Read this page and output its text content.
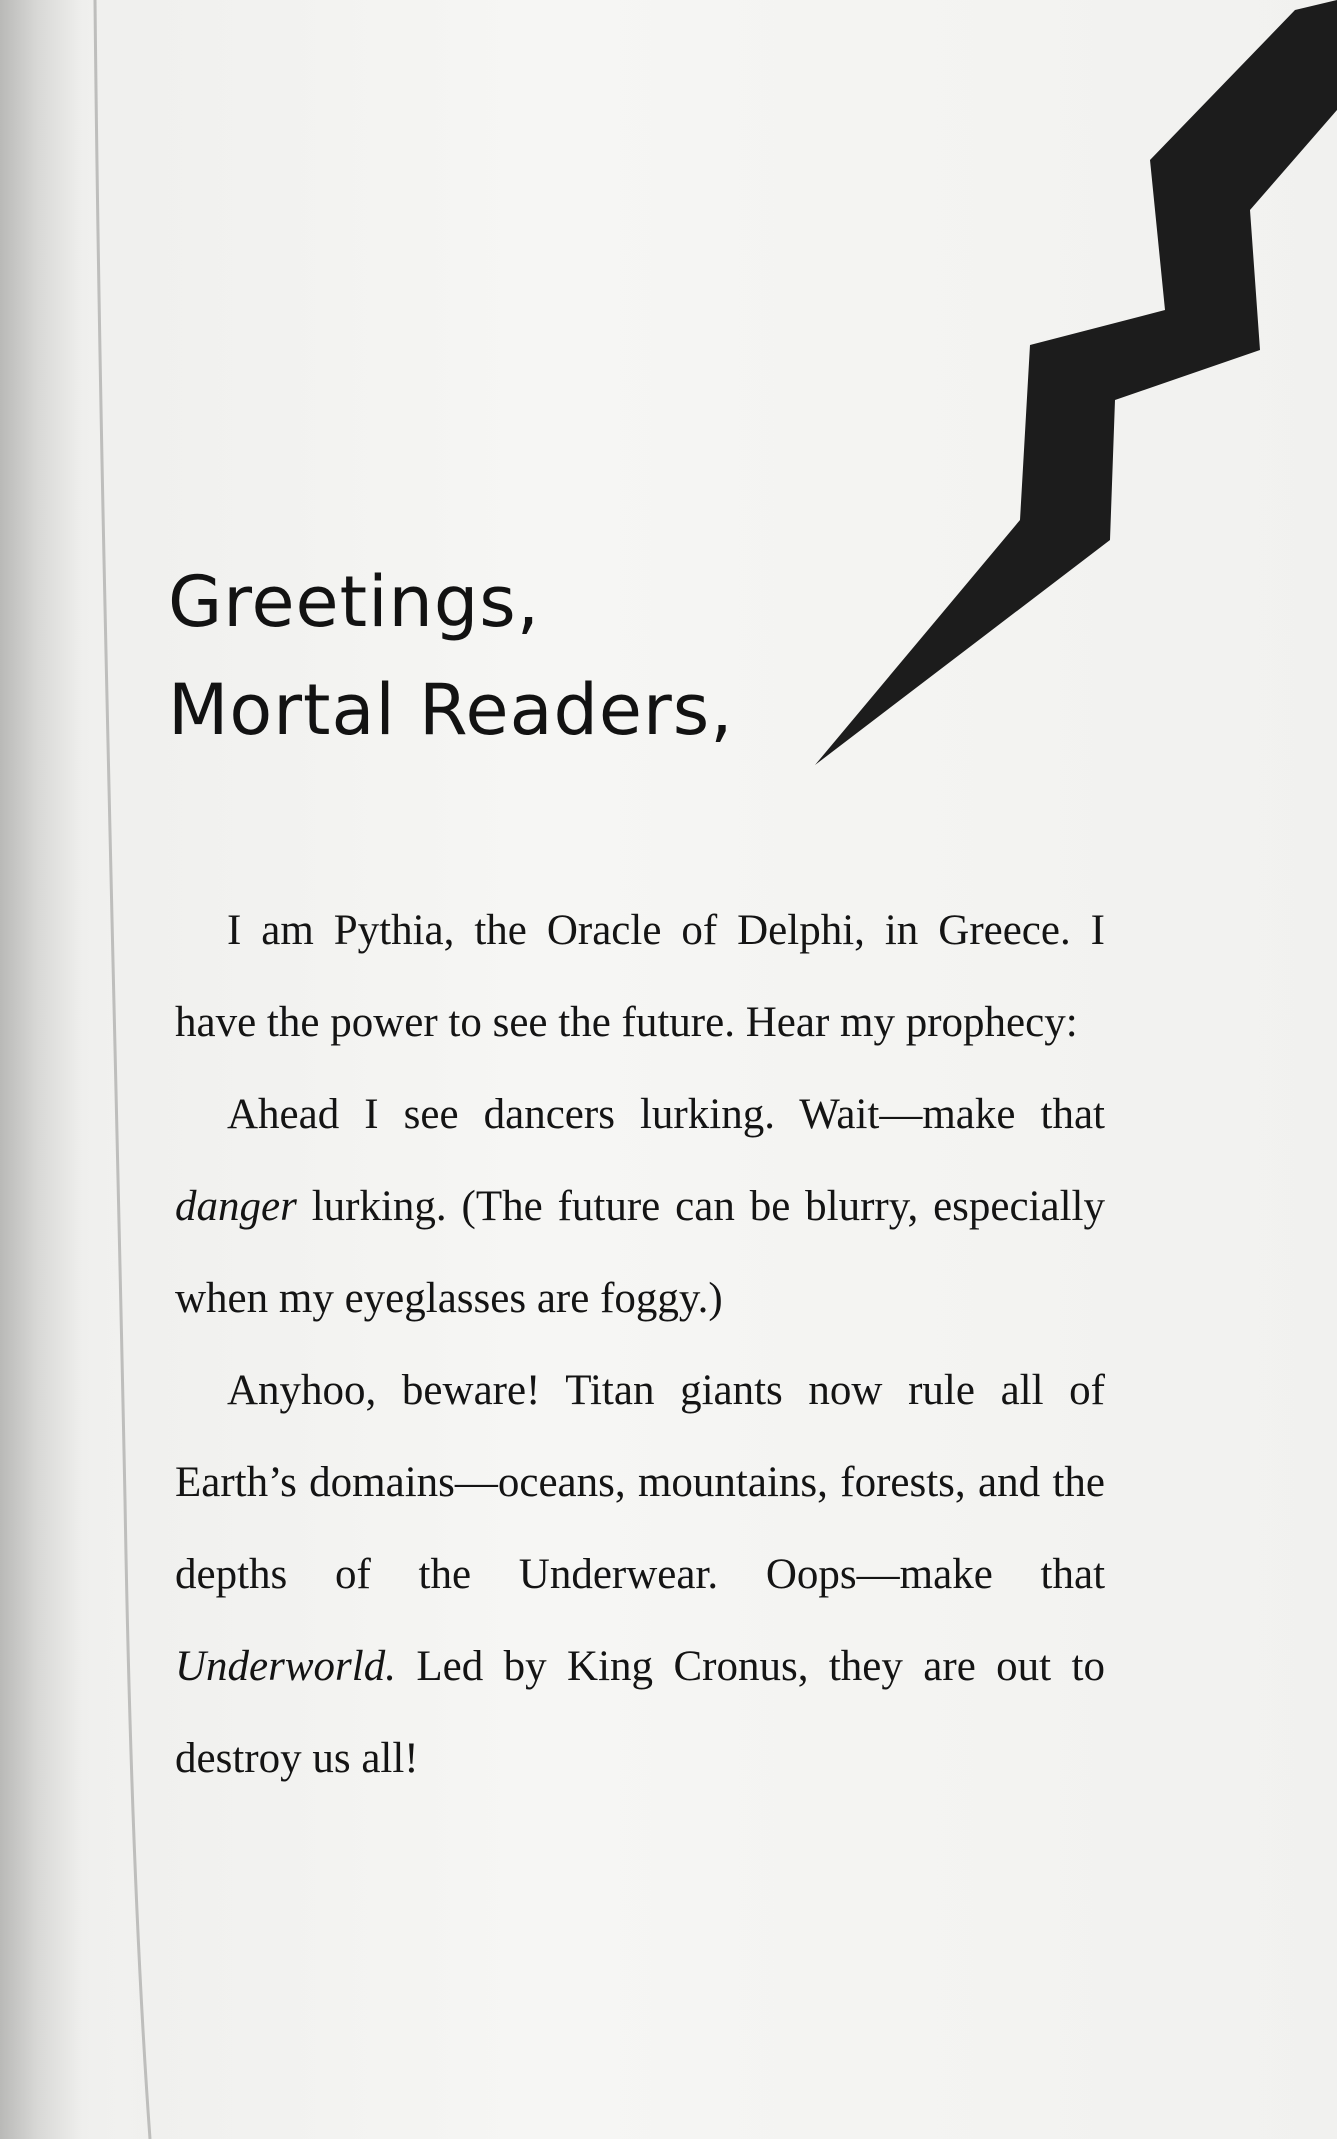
Greetings,
Mortal Readers,

I am Pythia, the Oracle of Delphi, in Greece. I have the power to see the future. Hear my prophecy:

Ahead I see dancers lurking. Wait—make that danger lurking. (The future can be blurry, especially when my eyeglasses are foggy.)

Anyhoo, beware! Titan giants now rule all of Earth’s domains—oceans, mountains, forests, and the depths of the Underwear. Oops—make that Underworld. Led by King Cronus, they are out to destroy us all!
